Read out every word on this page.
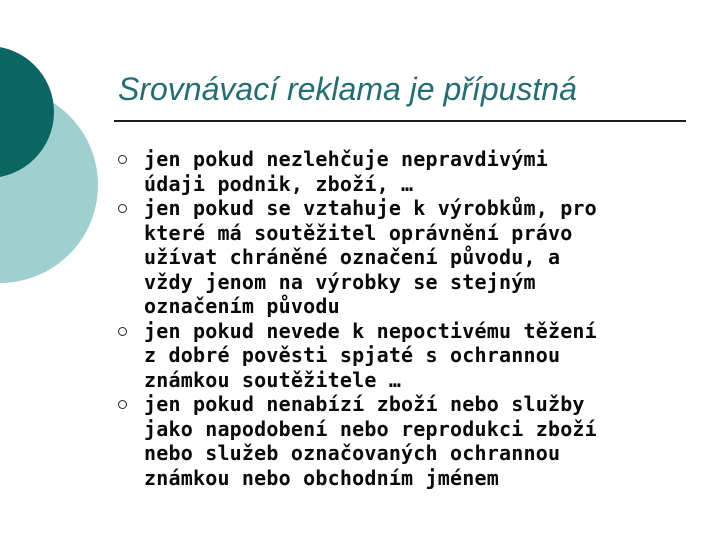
Srovnávací reklama je přípustná
jen pokud nezlehčuje nepravdivými
údaji podnik, zboží, …
jen pokud se vztahuje k výrobkům, pro
které má soutěžitel oprávnění právo
užívat chráněné označení původu, a
vždy jenom na výrobky se stejným
označením původu
jen pokud nevede k nepoctivému těžení
z dobré pověsti spjaté s ochrannou
známkou soutěžitele …
jen pokud nenabízí zboží nebo služby
jako napodobení nebo reprodukci zboží
nebo služeb označovaných ochrannou
známkou nebo obchodním jménem
